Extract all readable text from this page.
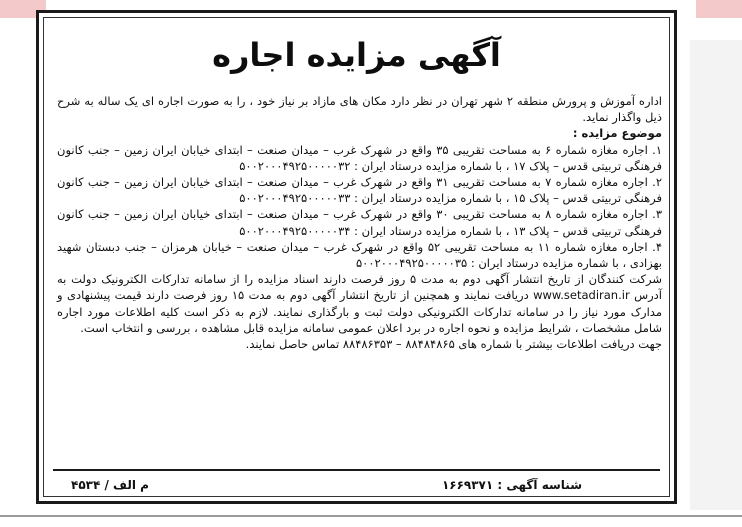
آگهی مزایده اجاره

اداره آموزش و پرورش منطقه ۲ شهر تهران در نظر دارد مکان های مازاد بر نیاز خود ، را به صورت اجاره ای یک ساله به شرح ذیل واگذار نماید.

موضوع مزایده :

۱. اجاره مغازه شماره ۶ به مساحت تقریبی ۳۵ واقع در شهرک غرب – میدان صنعت – ابتدای خیابان ایران زمین – جنب کانون فرهنگی تربیتی قدس – پلاک ۱۷ ، با شماره مزایده درستاد ایران : ۵۰۰۲۰۰۰۴۹۲۵۰۰۰۰۰۳۲

۲. اجاره مغازه شماره ۷ به مساحت تقریبی ۳۱ واقع در شهرک غرب – میدان صنعت – ابتدای خیابان ایران زمین – جنب کانون فرهنگی تربیتی قدس – پلاک ۱۵ ، با شماره مزایده درستاد ایران : ۵۰۰۲۰۰۰۴۹۲۵۰۰۰۰۰۳۳

۳. اجاره مغازه شماره ۸ به مساحت تقریبی ۳۰ واقع در شهرک غرب – میدان صنعت – ابتدای خیابان ایران زمین – جنب کانون فرهنگی تربیتی قدس – پلاک ۱۳ ، با شماره مزایده درستاد ایران : ۵۰۰۲۰۰۰۴۹۲۵۰۰۰۰۰۳۴

۴. اجاره مغازه شماره ۱۱ به مساحت تقریبی ۵۲ واقع در شهرک غرب – میدان صنعت – خیابان هرمزان – جنب دبستان شهید بهزادی ، با شماره مزایده درستاد ایران : ۵۰۰۲۰۰۰۴۹۲۵۰۰۰۰۰۳۵

شرکت کنندگان از تاریخ انتشار آگهی دوم به مدت ۵ روز فرصت دارند اسناد مزایده را از سامانه تدارکات الکترونیک دولت به آدرس www.setadiran.ir دریافت نمایند و همچنین از تاریخ انتشار آگهی دوم به مدت ۱۵ روز فرصت دارند قیمت پیشنهادی و مدارک مورد نیاز را در سامانه تدارکات الکترونیکی دولت ثبت و بارگذاری نمایند. لازم به ذکر است کلیه اطلاعات مورد اجاره شامل مشخصات ، شرایط مزایده و نحوه اجاره در برد اعلان عمومی سامانه مزایده قابل مشاهده ، بررسی و انتخاب است.

جهت دریافت اطلاعات بیشتر با شماره های ۸۸۴۸۴۸۶۵ – ۸۸۴۸۶۳۵۳ تماس حاصل نمایند.

شناسه آگهی : ۱۶۶۹۳۷۱
م الف / ۴۵۳۴
